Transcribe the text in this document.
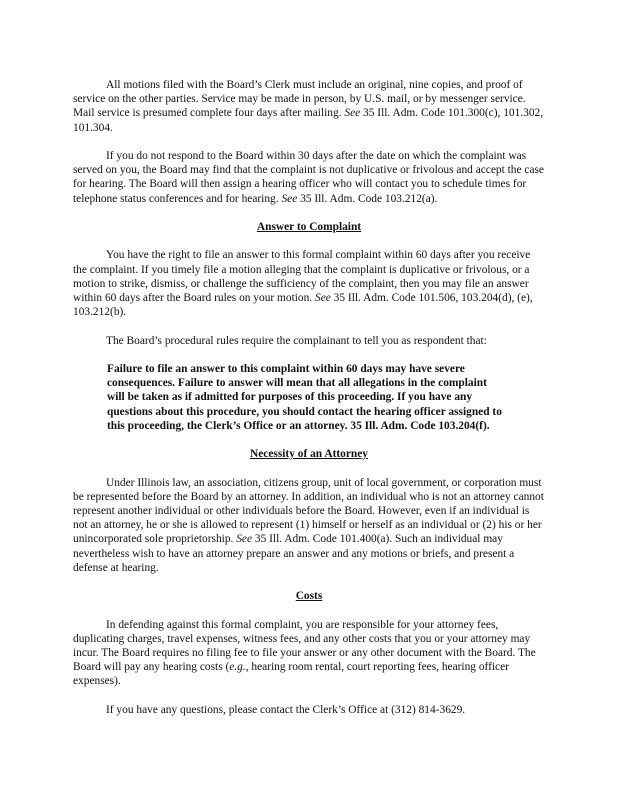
All motions filed with the Board’s Clerk must include an original, nine copies, and proof of service on the other parties. Service may be made in person, by U.S. mail, or by messenger service. Mail service is presumed complete four days after mailing. See 35 Ill. Adm. Code 101.300(c), 101.302, 101.304.

If you do not respond to the Board within 30 days after the date on which the complaint was served on you, the Board may find that the complaint is not duplicative or frivolous and accept the case for hearing. The Board will then assign a hearing officer who will contact you to schedule times for telephone status conferences and for hearing. See 35 Ill. Adm. Code 103.212(a).

Answer to Complaint

You have the right to file an answer to this formal complaint within 60 days after you receive the complaint. If you timely file a motion alleging that the complaint is duplicative or frivolous, or a motion to strike, dismiss, or challenge the sufficiency of the complaint, then you may file an answer within 60 days after the Board rules on your motion. See 35 Ill. Adm. Code 101.506, 103.204(d), (e), 103.212(b).

The Board’s procedural rules require the complainant to tell you as respondent that:

Failure to file an answer to this complaint within 60 days may have severe consequences. Failure to answer will mean that all allegations in the complaint will be taken as if admitted for purposes of this proceeding. If you have any questions about this procedure, you should contact the hearing officer assigned to this proceeding, the Clerk’s Office or an attorney. 35 Ill. Adm. Code 103.204(f).

Necessity of an Attorney

Under Illinois law, an association, citizens group, unit of local government, or corporation must be represented before the Board by an attorney. In addition, an individual who is not an attorney cannot represent another individual or other individuals before the Board. However, even if an individual is not an attorney, he or she is allowed to represent (1) himself or herself as an individual or (2) his or her unincorporated sole proprietorship. See 35 Ill. Adm. Code 101.400(a). Such an individual may nevertheless wish to have an attorney prepare an answer and any motions or briefs, and present a defense at hearing.

Costs

In defending against this formal complaint, you are responsible for your attorney fees, duplicating charges, travel expenses, witness fees, and any other costs that you or your attorney may incur. The Board requires no filing fee to file your answer or any other document with the Board. The Board will pay any hearing costs (e.g., hearing room rental, court reporting fees, hearing officer expenses).

If you have any questions, please contact the Clerk’s Office at (312) 814-3629.
